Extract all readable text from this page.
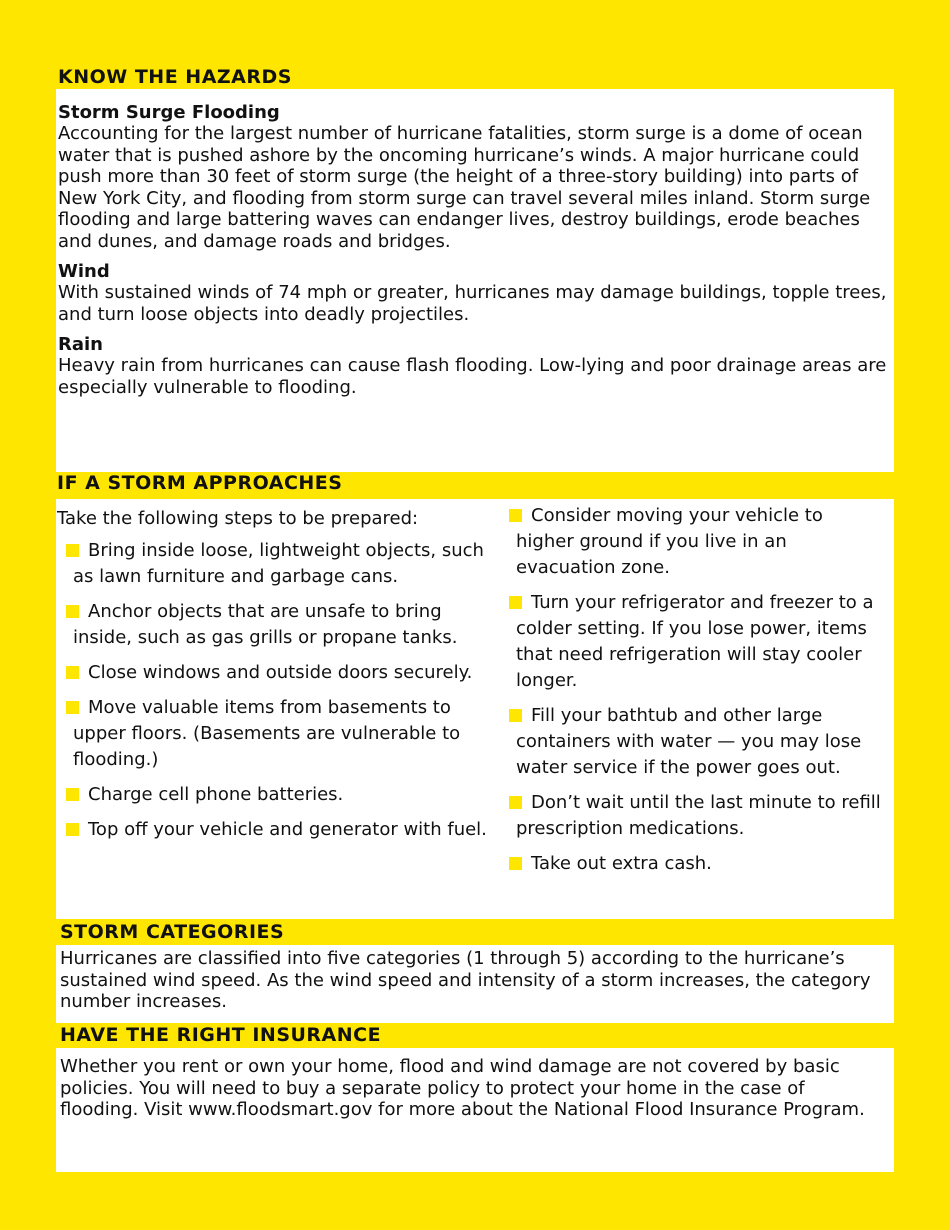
KNOW THE HAZARDS

Storm Surge Flooding

Accounting for the largest number of hurricane fatalities, storm surge is a dome of ocean water that is pushed ashore by the oncoming hurricane’s winds. A major hurricane could push more than 30 feet of storm surge (the height of a three-story building) into parts of New York City, and flooding from storm surge can travel several miles inland. Storm surge flooding and large battering waves can endanger lives, destroy buildings, erode beaches and dunes, and damage roads and bridges.

Wind

With sustained winds of 74 mph or greater, hurricanes may damage buildings, topple trees, and turn loose objects into deadly projectiles.

Rain

Heavy rain from hurricanes can cause flash flooding. Low-lying and poor drainage areas are especially vulnerable to flooding.

IF A STORM APPROACHES

Take the following steps to be prepared:

Bring inside loose, lightweight objects, such as lawn furniture and garbage cans.
Anchor objects that are unsafe to bring inside, such as gas grills or propane tanks.
Close windows and outside doors securely.
Move valuable items from basements to upper floors. (Basements are vulnerable to flooding.)
Charge cell phone batteries.
Top off your vehicle and generator with fuel.
Consider moving your vehicle to higher ground if you live in an evacuation zone.
Turn your refrigerator and freezer to a colder setting. If you lose power, items that need refrigeration will stay cooler longer.
Fill your bathtub and other large containers with water — you may lose water service if the power goes out.
Don’t wait until the last minute to refill prescription medications.
Take out extra cash.
STORM CATEGORIES

Hurricanes are classified into five categories (1 through 5) according to the hurricane’s sustained wind speed. As the wind speed and intensity of a storm increases, the category number increases.

HAVE THE RIGHT INSURANCE

Whether you rent or own your home, flood and wind damage are not covered by basic policies. You will need to buy a separate policy to protect your home in the case of flooding. Visit www.floodsmart.gov for more about the National Flood Insurance Program.
